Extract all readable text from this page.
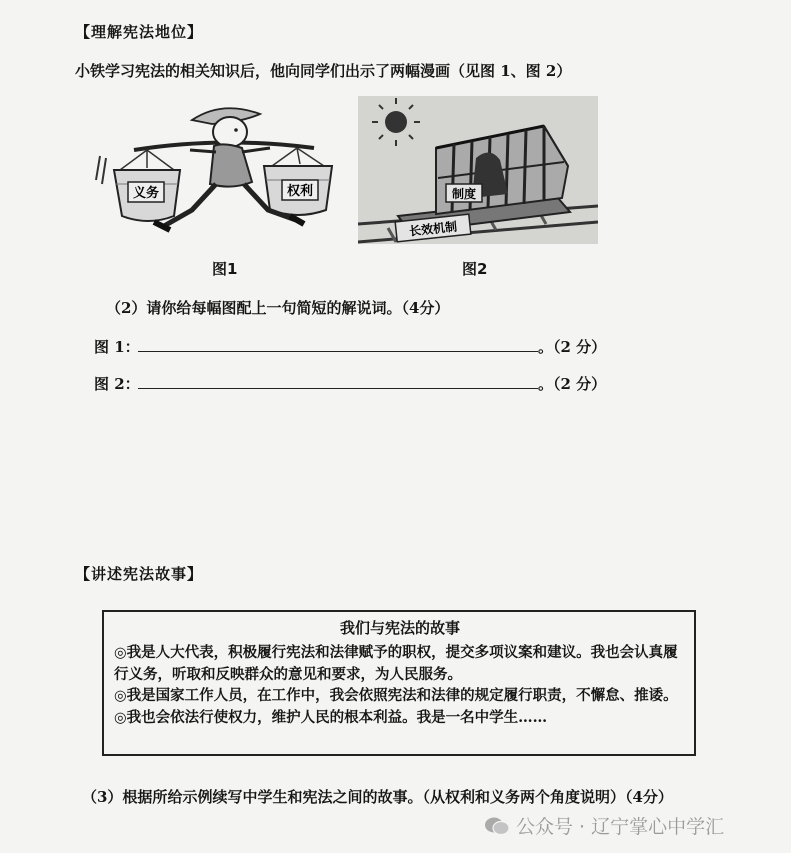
【理解宪法地位】
小铁学习宪法的相关知识后，他向同学们出示了两幅漫画（见图 1、图 2）
义务	权利
图1
制度
长效机制
图2
（2）请你给每幅图配上一句简短的解说词。（4分）
图 1：	。（2 分）
图 2：	。（2 分）
【讲述宪法故事】
我们与宪法的故事
◎我是人大代表，积极履行宪法和法律赋予的职权，提交多项议案和建议。我也会认真履行义务，听取和反映群众的意见和要求，为人民服务。
◎我是国家工作人员，在工作中，我会依照宪法和法律的规定履行职责，不懈怠、推诿。
◎我也会依法行使权力，维护人民的根本利益。我是一名中学生……
（3）根据所给示例续写中学生和宪法之间的故事。（从权利和义务两个角度说明）（4分）
公众号 · 辽宁掌心中学汇
